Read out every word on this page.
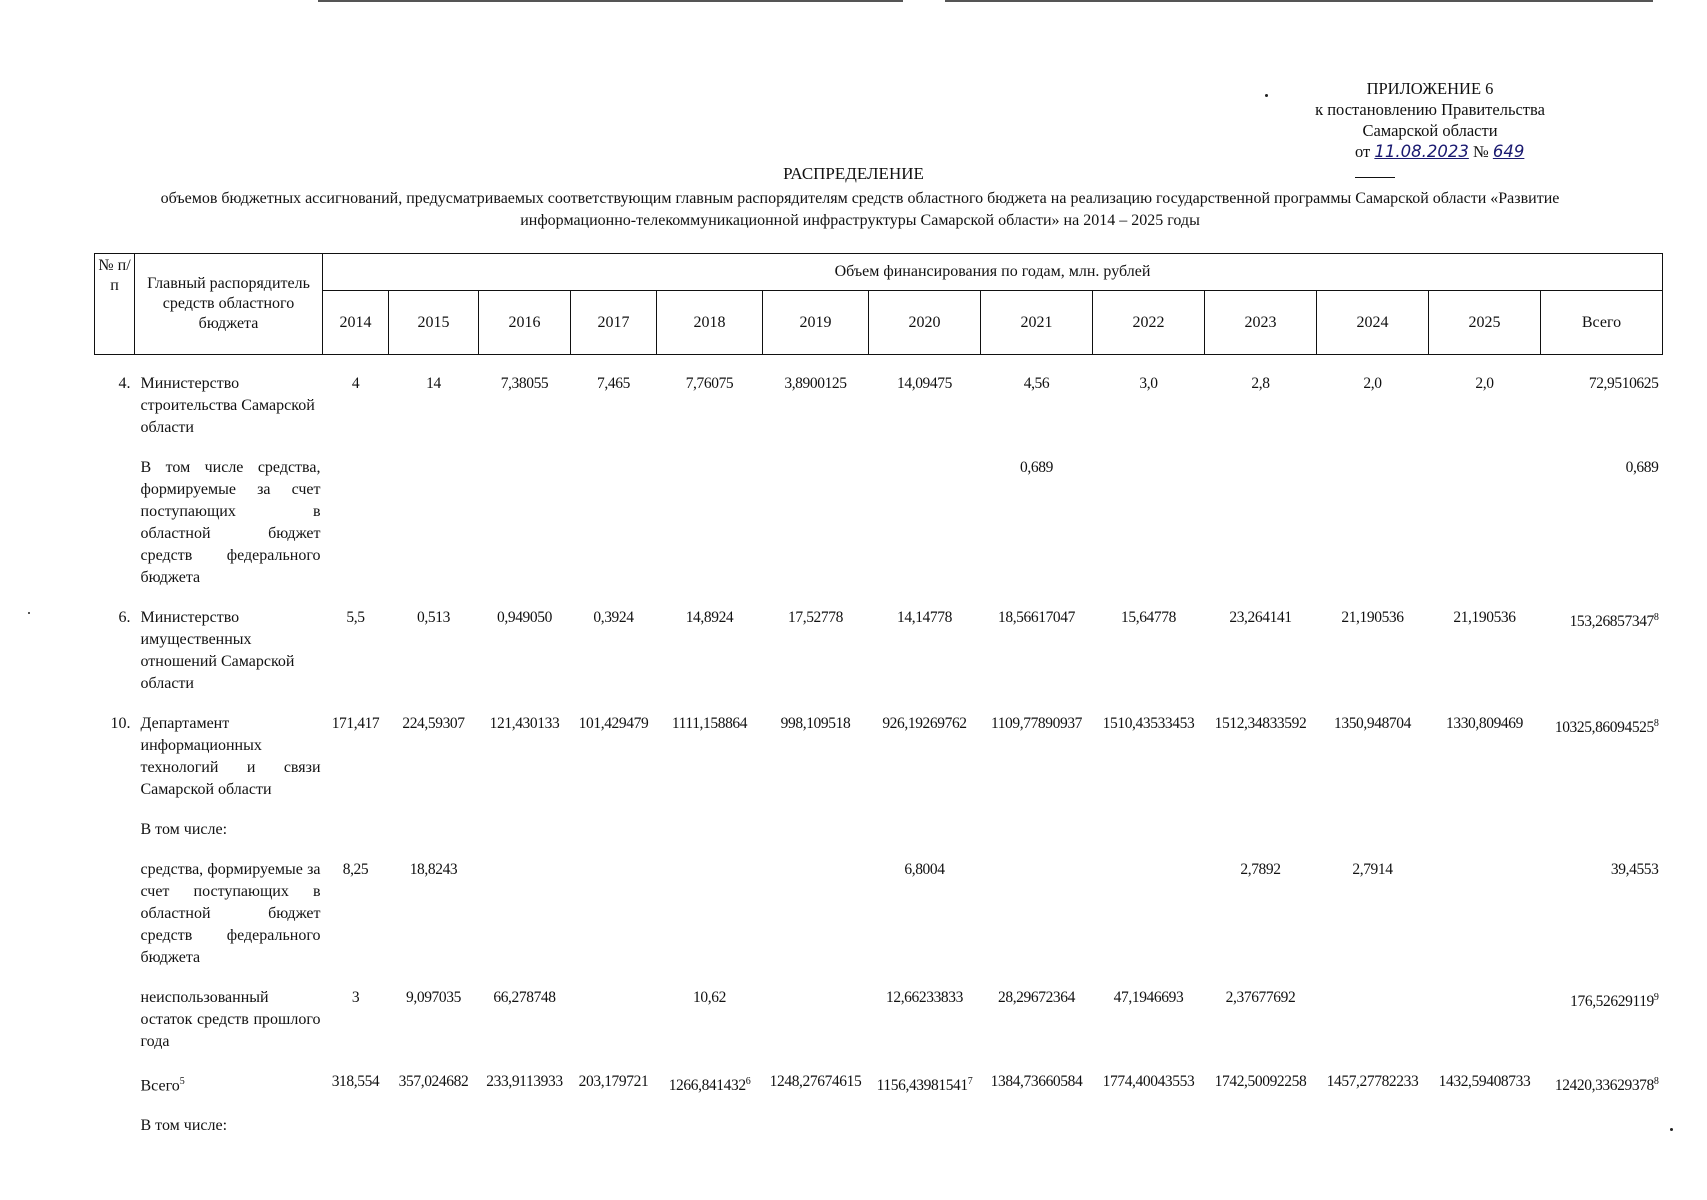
ПРИЛОЖЕНИЕ 6
к постановлению Правительства
Самарской области
от 11.08.2023 № 649
РАСПРЕДЕЛЕНИЕ
объемов бюджетных ассигнований, предусматриваемых соответствующим главным распорядителям средств областного бюджета на реализацию государственной программы Самарской области «Развитие информационно-телекоммуникационной инфраструктуры Самарской области» на 2014 – 2025 годы
№ п/п	Главный распорядитель средств областного бюджета	Объем финансирования по годам, млн. рублей												
		2014	2015	2016	2017	2018	2019	2020	2021	2022	2023	2024	2025	Всего

4.	Министерство строительства Самарской области	4	14	7,38055	7,465	7,76075	3,8900125	14,09475	4,56	3,0	2,8	2,0	2,0	72,9510625

	В том числе средства, формируемые за счет поступающих в областной бюджет средств федерального бюджета								0,689					0,689

6.	Министерство имущественных отношений Самарской области	5,5	0,513	0,949050	0,3924	14,8924	17,52778	14,14778	18,56617047	15,64778	23,264141	21,190536	21,190536	153,26857347$^8$

10.	Департамент информационных технологий и связи Самарской области	171,417	224,59307	121,430133	101,429479	1111,158864	998,109518	926,19269762	1109,77890937	1510,43533453	1512,34833592	1350,948704	1330,809469	10325,86094525$^8$

	В том числе:													

	средства, формируемые за счет поступающих в областной бюджет средств федерального бюджета	8,25	18,8243					6,8004			2,7892	2,7914		39,4553

	неиспользованный остаток средств прошлого года	3	9,097035	66,278748		10,62		12,66233833	28,29672364	47,1946693	2,37677692			176,52629119$^9$

	Всего$^5$	318,554	357,024682	233,9113933	203,179721	1266,841432$^6$	1248,27674615	1156,43981541$^7$	1384,73660584	1774,40043553	1742,50092258	1457,27782233	1432,59408733	12420,33629378$^8$

	В том числе:													
